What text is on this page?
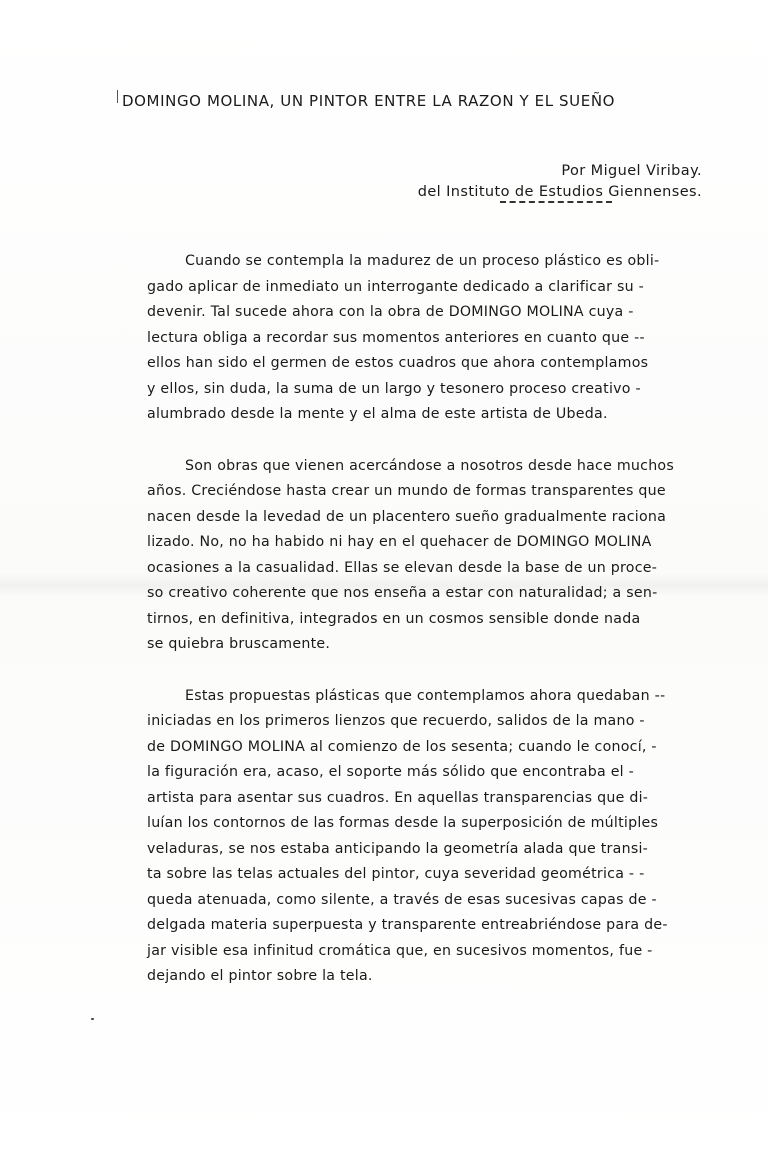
DOMINGO MOLINA, UN PINTOR ENTRE LA RAZON Y EL SUEÑO
Por Miguel Viribay.
del Instituto de Estudios Giennenses.
Cuando se contempla la madurez de un proceso plástico es obli-
gado aplicar de inmediato un interrogante dedicado a clarificar su -
devenir. Tal sucede ahora con la obra de DOMINGO MOLINA cuya -
lectura obliga a recordar sus momentos anteriores en cuanto que --
ellos han sido el germen de estos cuadros que ahora contemplamos
y ellos, sin duda, la suma de un largo y tesonero proceso creativo -
alumbrado desde la mente y el alma de este artista de Ubeda.
Son obras que vienen acercándose a nosotros desde hace muchos
años. Creciéndose hasta crear un mundo de formas transparentes que
nacen desde la levedad de un placentero sueño gradualmente raciona
lizado. No, no ha habido ni hay en el quehacer de DOMINGO MOLINA
ocasiones a la casualidad. Ellas se elevan desde la base de un proce-
so creativo coherente que nos enseña a estar con naturalidad; a sen-
tirnos, en definitiva, integrados en un cosmos sensible donde nada
se quiebra bruscamente.
Estas propuestas plásticas que contemplamos ahora quedaban --
iniciadas en los primeros lienzos que recuerdo, salidos de la mano -
de DOMINGO MOLINA al comienzo de los sesenta; cuando le conocí, -
la figuración era, acaso, el soporte más sólido que encontraba el -
artista para asentar sus cuadros. En aquellas transparencias que di-
luían los contornos de las formas desde la superposición de múltiples
veladuras, se nos estaba anticipando la geometría alada que transi-
ta sobre las telas actuales del pintor, cuya severidad geométrica - -
queda atenuada, como silente, a través de esas sucesivas capas de -
delgada materia superpuesta y transparente entreabriéndose para de-
jar visible esa infinitud cromática que, en sucesivos momentos, fue -
dejando el pintor sobre la tela.
